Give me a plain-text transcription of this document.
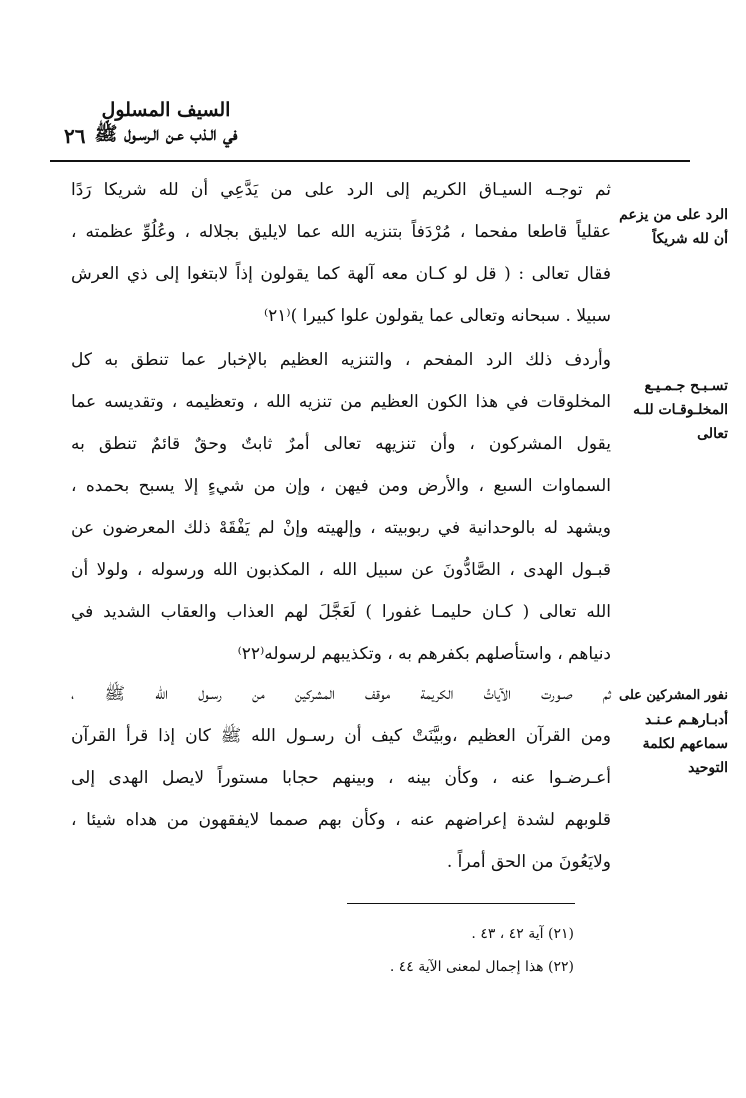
السيف المسلول
في الـذب عـن الـرسـول ﷺ
٢٦
الرد على من يزعم
أن لله شريكاً
تسـبـح جـمـيـع
المخلـوقـات للـه
تعالى
نفور المشركين على
أدبـارهـم عـنـد
سماعهم لكلمة
التوحيد
ثم توجـه السيـاق الكريم إلى الرد على من يَدَّعِي أن لله شريكا رَدًا
عقلياً قاطعا مفحما ، مُرْدَفاً بتنزيه الله عما لايليق بجلاله ، وعُلُوِّ عظمته ،
فقال تعالى : ( قل لو كـان معه آلهة كما يقولون إذاً لابتغوا إلى ذي العرش
سبيلا . سبحانه وتعالى عما يقولون علوا كبيرا )⁽٢١⁾
وأردف ذلك الرد المفحم ، والتنزيه العظيم بالإخبار عما تنطق به كل
المخلوقات في هذا الكون العظيم من تنزيه الله ، وتعظيمه ، وتقديسه عما
يقول المشركون ، وأن تنزيهه تعالى أمرٌ ثابتٌ وحقٌ قائمٌ تنطق به
السماوات السبع ، والأرض ومن فيهن ، وإن من شيءٍ إلا يسبح بحمده ،
ويشهد له بالوحدانية في ربوبيته ، وإلهيته وإنْ لم يَفْقَهْ ذلك المعرضون عن
قبـول الهدى ، الصَّادُّونَ عن سبيل الله ، المكذبون الله ورسوله ، ولولا أن
الله تعالى ( كـان حليمـا غفورا ) لَعَجَّلَ لهم العذاب والعقاب الشديد في
دنياهم ، واستأصلهم بكفرهم به ، وتكذيبهم لرسوله⁽٢٢⁾
ثم صـورت الآياتُ الكريمة موقف المشركين من رسـول الله ﷺ ،
ومن القرآن العظيم ،وبيَّنَتْ كيف أن رسـول الله ﷺ كان إذا قرأ القرآن
أعـرضـوا عنه ، وكأن بينه ، وبينهم حجابا مستوراً لايصل الهدى إلى
قلوبهم لشدة إعراضهم عنه ، وكأن بهم صمما لايفقهون من هداه شيئا ،
ولايَعُونَ من الحق أمراً .
(٢١) آية ٤٢ ، ٤٣ .
(٢٢) هذا إجمال لمعنى الآية ٤٤ .
